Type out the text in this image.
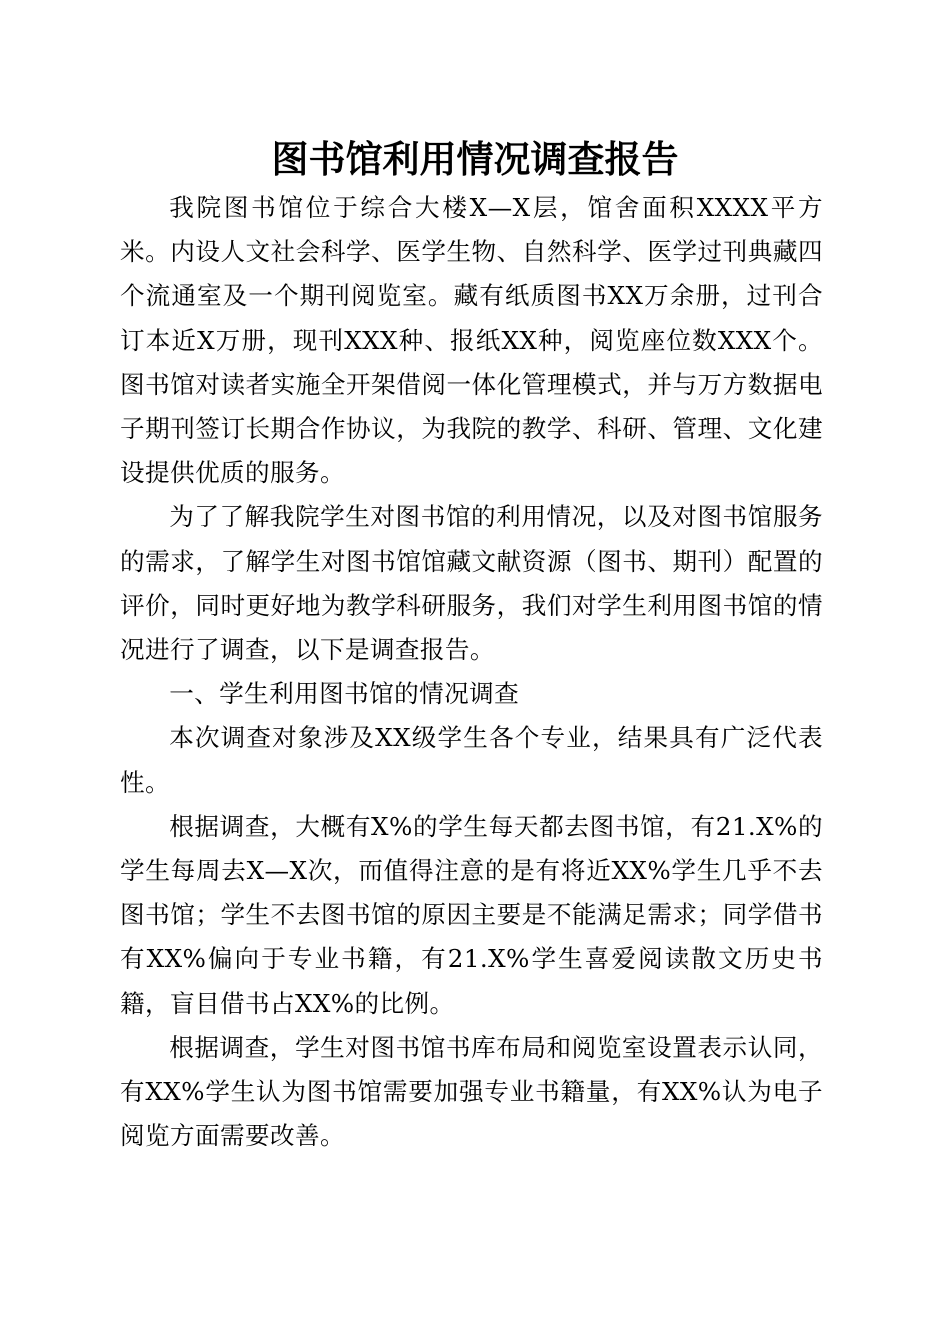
图书馆利用情况调查报告

我院图书馆位于综合大楼X—X层，馆舍面积XXXX平方米。内设人文社会科学、医学生物、自然科学、医学过刊典藏四个流通室及一个期刊阅览室。藏有纸质图书XX万余册，过刊合订本近X万册，现刊XXX种、报纸XX种，阅览座位数XXX个。图书馆对读者实施全开架借阅一体化管理模式，并与万方数据电子期刊签订长期合作协议，为我院的教学、科研、管理、文化建设提供优质的服务。

为了了解我院学生对图书馆的利用情况，以及对图书馆服务的需求，了解学生对图书馆馆藏文献资源（图书、期刊）配置的评价，同时更好地为教学科研服务，我们对学生利用图书馆的情况进行了调查，以下是调查报告。

一、学生利用图书馆的情况调查

本次调查对象涉及XX级学生各个专业，结果具有广泛代表性。

根据调查，大概有X%的学生每天都去图书馆，有21.X%的学生每周去X—X次，而值得注意的是有将近XX%学生几乎不去图书馆；学生不去图书馆的原因主要是不能满足需求；同学借书有XX%偏向于专业书籍，有21.X%学生喜爱阅读散文历史书籍，盲目借书占XX%的比例。

根据调查，学生对图书馆书库布局和阅览室设置表示认同，有XX%学生认为图书馆需要加强专业书籍量，有XX%认为电子阅览方面需要改善。
